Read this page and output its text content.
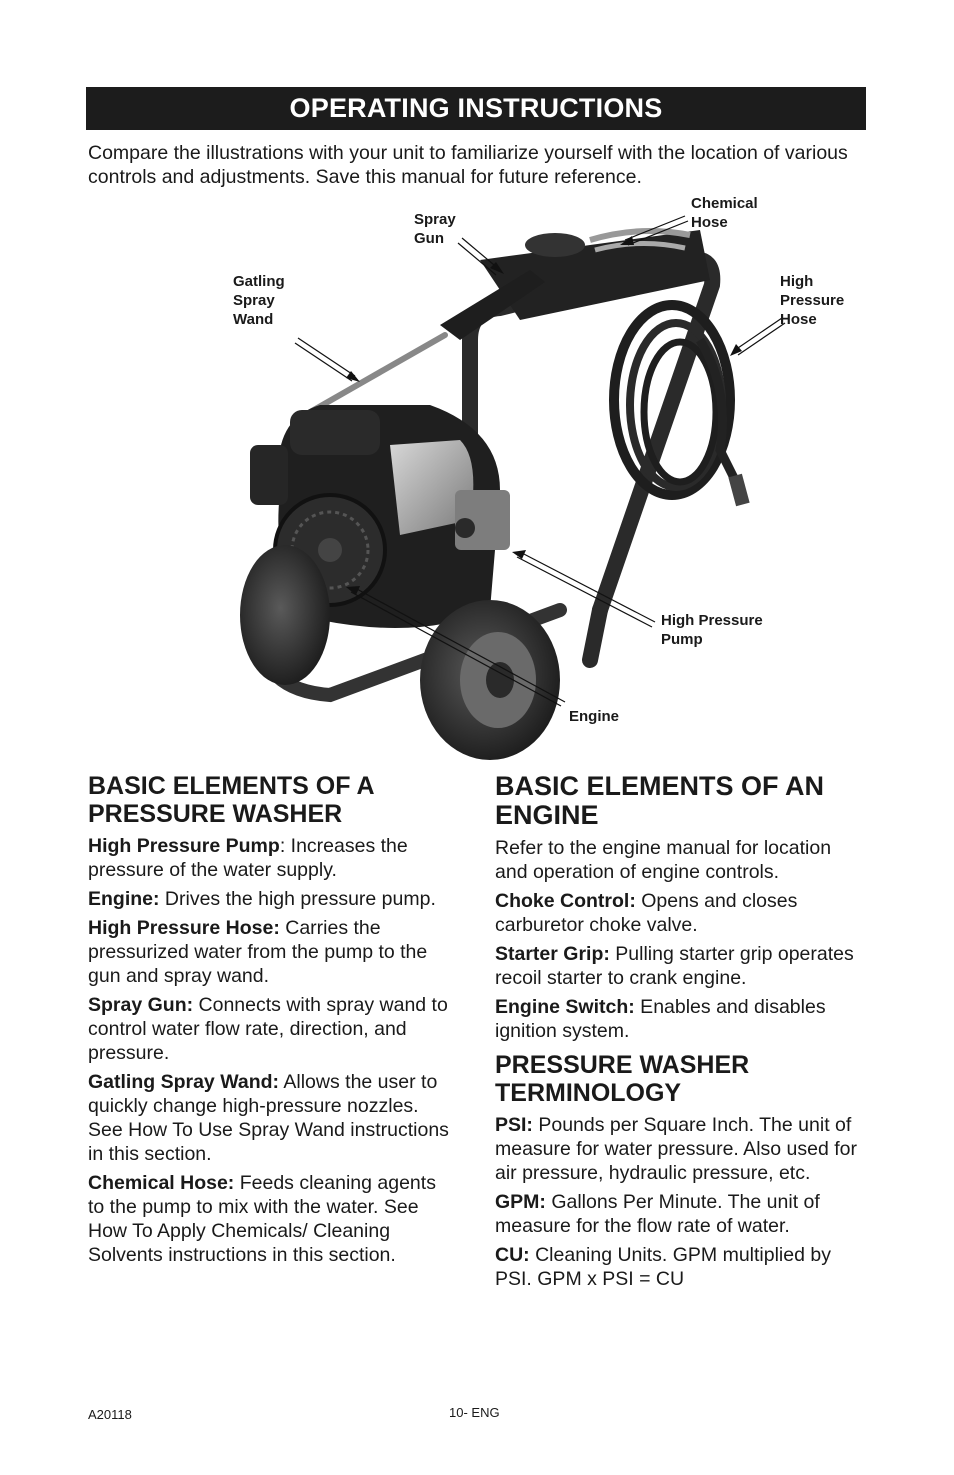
OPERATING INSTRUCTIONS
Compare the illustrations with your unit to familiarize yourself with the location of various controls and adjustments. Save this manual for future reference.
Spray
Gun
Chemical
Hose
Gatling
Spray
Wand
High
Pressure
Hose
High Pressure
Pump
Engine
BASIC ELEMENTS OF A PRESSURE WASHER

High Pressure Pump: Increases the pressure of the water supply.

Engine: Drives the high pressure pump.

High Pressure Hose: Carries the pressurized water from the pump to the gun and spray wand.

Spray Gun: Connects with spray wand to control water flow rate, direction, and pressure.

Gatling Spray Wand: Allows the user to quickly change high-pressure nozzles. See How To Use Spray Wand instructions in this section.

Chemical Hose: Feeds cleaning agents to the pump to mix with the water. See How To Apply Chemicals/ Cleaning Solvents instructions in this section.

BASIC ELEMENTS OF AN ENGINE

Refer to the engine manual for location and operation of engine controls.

Choke Control: Opens and closes carburetor choke valve.

Starter Grip: Pulling starter grip operates recoil starter to crank engine.

Engine Switch: Enables and disables ignition system.

PRESSURE WASHER TERMINOLOGY

PSI: Pounds per Square Inch. The unit of measure for water pressure. Also used for air pressure, hydraulic pressure, etc.

GPM: Gallons Per Minute. The unit of measure for the flow rate of water.

CU: Cleaning Units. GPM multiplied by PSI. GPM x PSI = CU

A20118	10- ENG
